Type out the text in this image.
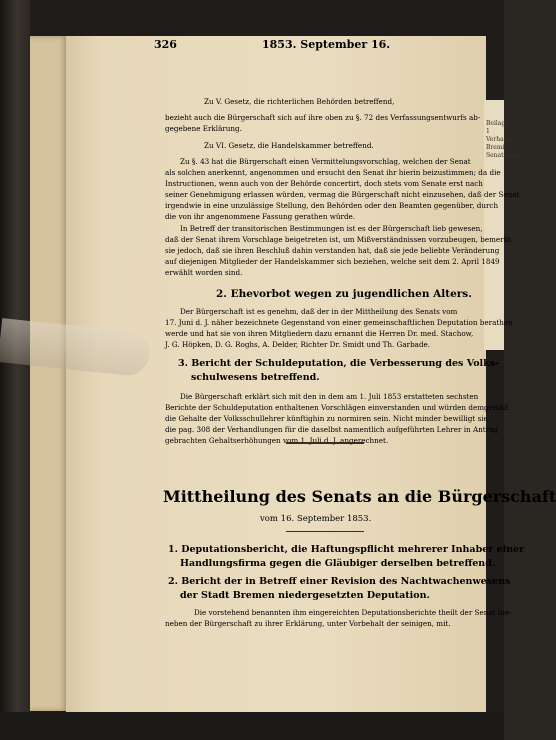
Beilage 1 Verhandl. Bremisch Senatssach.
326	1853. September 16.
Zu V. Gesetz, die richterlichen Behörden betreffend,
bezieht auch die Bürgerschaft sich auf ihre oben zu §. 72 des Verfassungsentwurfs ab-
gegebene Erklärung.
Zu VI. Gesetz, die Handelskammer betreffend.
Zu §. 43 hat die Bürgerschaft einen Vermittelungsvorschlag, welchen der Senat
als solchen anerkennt, angenommen und ersucht den Senat ihr hierin beizustimmen; da die
Instructionen, wenn auch von der Behörde concertirt, doch stets vom Senate erst nach
seiner Genehmigung erlassen würden, vermag die Bürgerschaft nicht einzusehen, daß der Senat
irgendwie in eine unzulässige Stellung, den Behörden oder den Beamten gegenüber, durch
die von ihr angenommene Fassung gerathen würde.
In Betreff der transitorischen Bestimmungen ist es der Bürgerschaft lieb gewesen,
daß der Senat ihrem Vorschlage beigetreten ist, um Mißverständnissen vorzubeugen, bemerkt
sie jedoch, daß sie ihren Beschluß dahin verstanden hat, daß sie jede beliebte Veränderung
auf diejenigen Mitglieder der Handelskammer sich beziehen, welche seit dem 2. April 1849
erwählt worden sind.
2. Ehevorbot wegen zu jugendlichen Alters.
Der Bürgerschaft ist es genehm, daß der in der Mittheilung des Senats vom
17. Juni d. J. näher bezeichnete Gegenstand von einer gemeinschaftlichen Deputation berathen
werde und hat sie von ihren Mitgliedern dazu ernannt die Herren Dr. med. Stachow,
J. G. Höpken, D. G. Roghs, A. Delder, Richter Dr. Smidt und Th. Garbade.
3. Bericht der Schuldeputation, die Verbesserung des Volks-
schulwesens betreffend.
Die Bürgerschaft erklärt sich mit den in dem am 1. Juli 1853 erstatteten sechsten
Berichte der Schuldeputation enthaltenen Vorschlägen einverstanden und würden demgemäß
die Gehalte der Volksschullehrer künftighin zu normiren sein. Nicht minder bewilligt sie
die pag. 308 der Verhandlungen für die daselbst namentlich aufgeführten Lehrer in Antrag
gebrachten Gehaltserhöhungen vom 1. Juli d. J. angerechnet.
Mittheilung des Senats an die Bürgerschaft
vom 16. September 1853.
1. Deputationsbericht, die Haftungspflicht mehrerer Inhaber einer
Handlungsfirma gegen die Gläubiger derselben betreffend.
2. Bericht der in Betreff einer Revision des Nachtwachenwesens
der Stadt Bremen niedergesetzten Deputation.
Die vorstehend benannten ihm eingereichten Deputationsberichte theilt der Senat hie-
neben der Bürgerschaft zu ihrer Erklärung, unter Vorbehalt der seinigen, mit.
